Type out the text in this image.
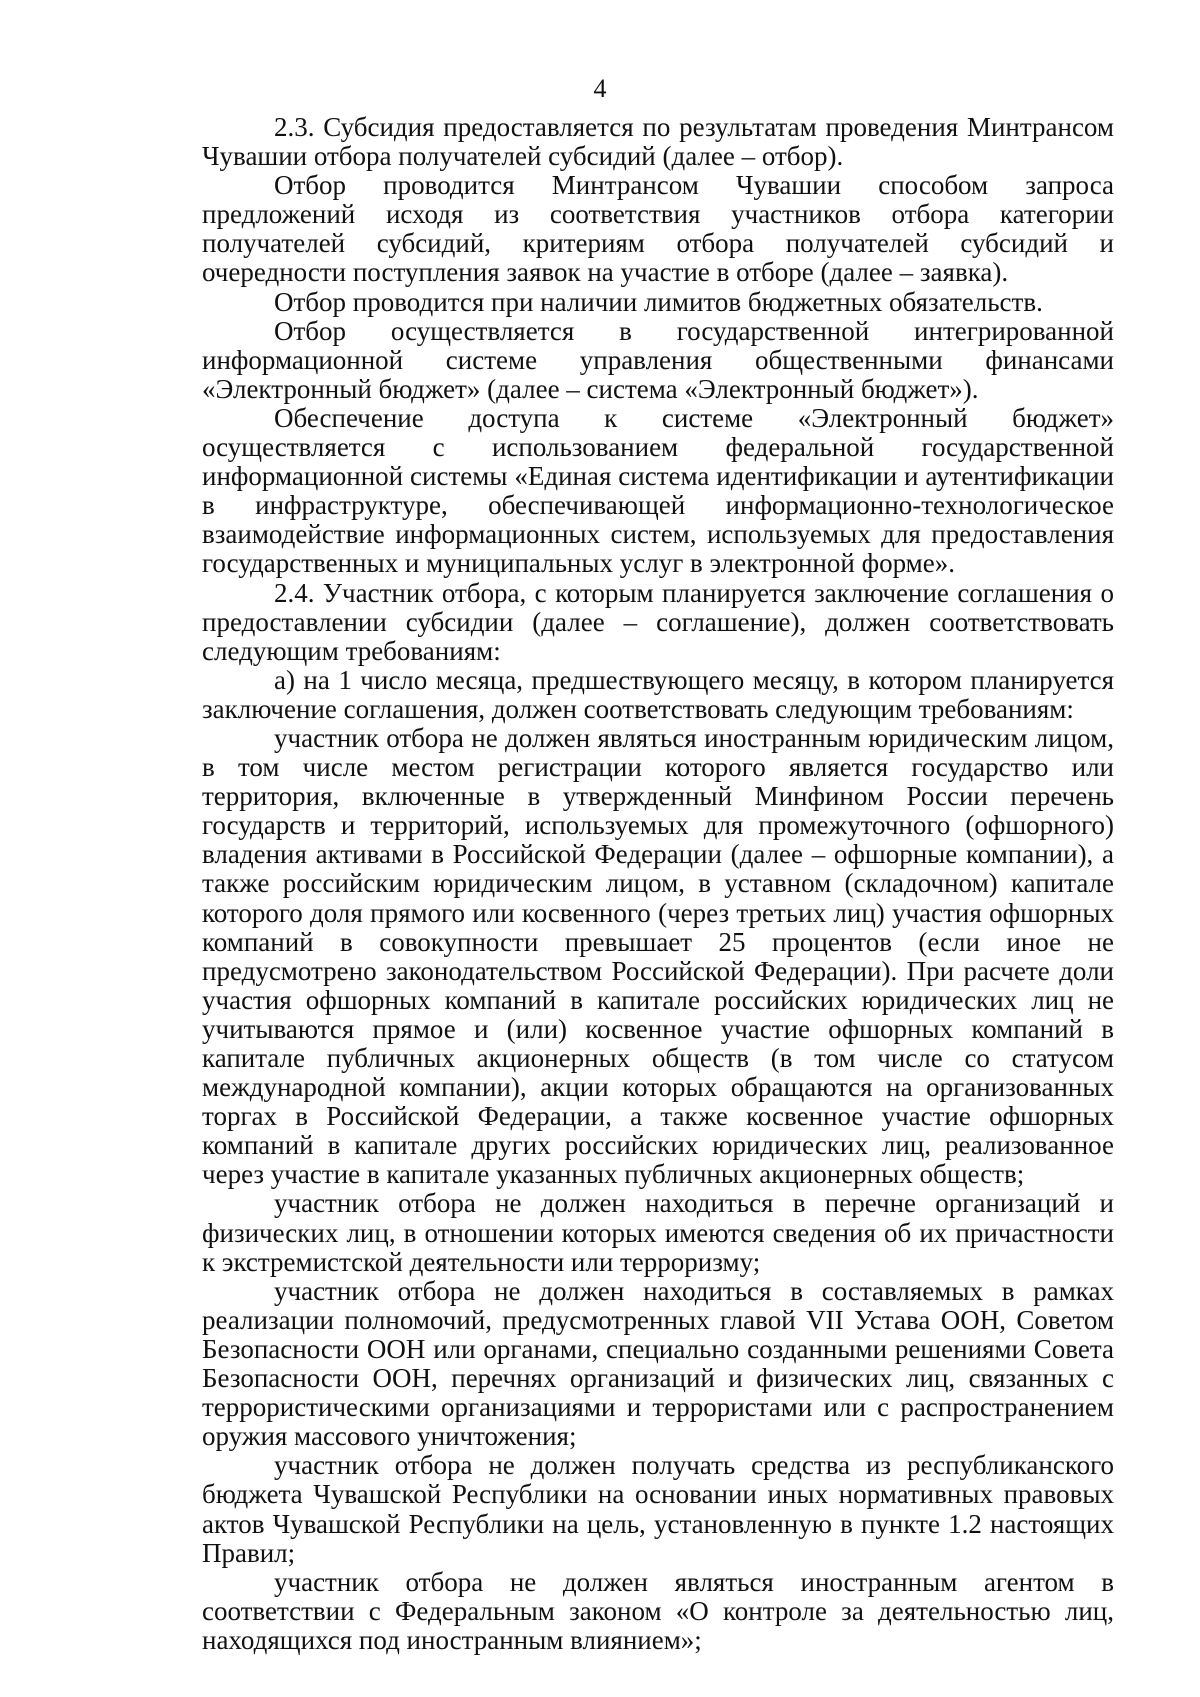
4

2.3. Субсидия предоставляется по результатам проведения Минтрансом Чувашии отбора получателей субсидий (далее – отбор).

Отбор проводится Минтрансом Чувашии способом запроса предложений исходя из соответствия участников отбора категории получателей субсидий, критериям отбора получателей субсидий и очередности поступления заявок на участие в отборе (далее – заявка).

Отбор проводится при наличии лимитов бюджетных обязательств.

Отбор осуществляется в государственной интегрированной информационной системе управления общественными финансами «Электронный бюджет» (далее – система «Электронный бюджет»).

Обеспечение доступа к системе «Электронный бюджет» осуществляется с использованием федеральной государственной информационной системы «Единая система идентификации и аутентификации в инфраструктуре, обеспечивающей информационно-технологическое взаимодействие информационных систем, используемых для предоставления государственных и муниципальных услуг в электронной форме».

2.4. Участник отбора, с которым планируется заключение соглашения о предоставлении субсидии (далее – соглашение), должен соответствовать следующим требованиям:

а) на 1 число месяца, предшествующего месяцу, в котором планируется заключение соглашения, должен соответствовать следующим требованиям:

участник отбора не должен являться иностранным юридическим лицом, в том числе местом регистрации которого является государство или территория, включенные в утвержденный Минфином России перечень государств и территорий, используемых для промежуточного (офшорного) владения активами в Российской Федерации (далее – офшорные компании), а также российским юридическим лицом, в уставном (складочном) капитале которого доля прямого или косвенного (через третьих лиц) участия офшорных компаний в совокупности превышает 25 процентов (если иное не предусмотрено законодательством Российской Федерации). При расчете доли участия офшорных компаний в капитале российских юридических лиц не учитываются прямое и (или) косвенное участие офшорных компаний в капитале публичных акционерных обществ (в том числе со статусом международной компании), акции которых обращаются на организованных торгах в Российской Федерации, а также косвенное участие офшорных компаний в капитале других российских юридических лиц, реализованное через участие в капитале указанных публичных акционерных обществ;

участник отбора не должен находиться в перечне организаций и физических лиц, в отношении которых имеются сведения об их причастности к экстремистской деятельности или терроризму;

участник отбора не должен находиться в составляемых в рамках реализации полномочий, предусмотренных главой VII Устава ООН, Советом Безопасности ООН или органами, специально созданными решениями Совета Безопасности ООН, перечнях организаций и физических лиц, связанных с террористическими организациями и террористами или с распространением оружия массового уничтожения;

участник отбора не должен получать средства из республиканского бюджета Чувашской Республики на основании иных нормативных правовых актов Чувашской Республики на цель, установленную в пункте 1.2 настоящих Правил;

участник отбора не должен являться иностранным агентом в соответствии с Федеральным законом «О контроле за деятельностью лиц, находящихся под иностранным влиянием»;
